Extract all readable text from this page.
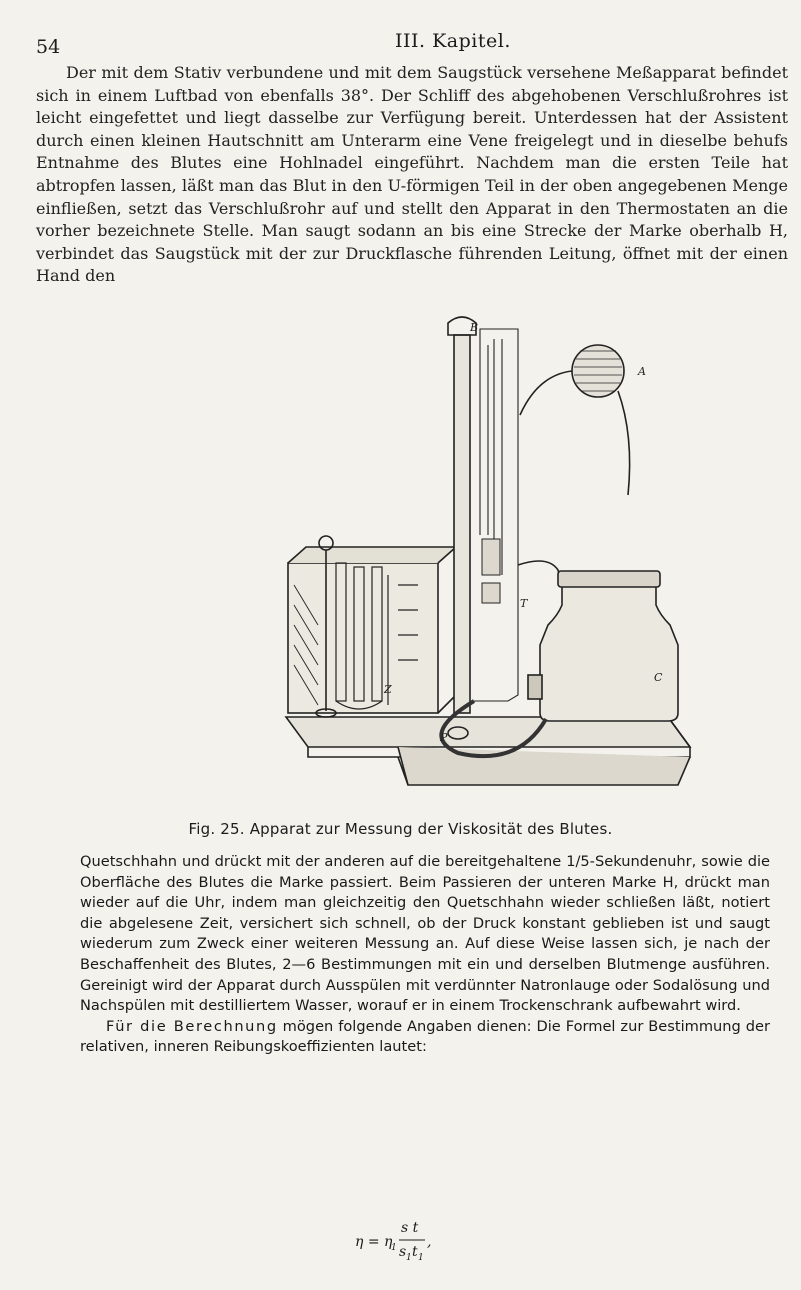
54	III. Kapitel.
Der mit dem Stativ verbundene und mit dem Saugstück versehene Meßapparat befindet sich in einem Luftbad von ebenfalls 38°. Der Schliff des abgehobenen Verschlußrohres ist leicht eingefettet und liegt dasselbe zur Verfügung bereit. Unterdessen hat der Assistent durch einen kleinen Hautschnitt am Unterarm eine Vene freigelegt und in dieselbe behufs Entnahme des Blutes eine Hohlnadel eingeführt. Nachdem man die ersten Teile hat abtropfen lassen, läßt man das Blut in den U-förmigen Teil in der oben angegebenen Menge einfließen, setzt das Verschlußrohr auf und stellt den Apparat in den Thermostaten an die vorher bezeichnete Stelle. Man saugt sodann an bis eine Strecke der Marke oberhalb H, verbindet das Saugstück mit der zur Druckflasche führenden Leitung, öffnet mit der einen Hand den
B
A
T
C
P
Z
Fig. 25. Apparat zur Messung der Viskosität des Blutes.

Quetschhahn und drückt mit der anderen auf die bereitgehaltene 1/5-Sekundenuhr, sowie die Oberfläche des Blutes die Marke passiert. Beim Passieren der unteren Marke H, drückt man wieder auf die Uhr, indem man gleichzeitig den Quetschhahn wieder schließen läßt, notiert die abgelesene Zeit, versichert sich schnell, ob der Druck konstant geblieben ist und saugt wiederum zum Zweck einer weiteren Messung an. Auf diese Weise lassen sich, je nach der Beschaffenheit des Blutes, 2—6 Bestimmungen mit ein und derselben Blutmenge ausführen. Gereinigt wird der Apparat durch Ausspülen mit verdünnter Natronlauge oder Sodalösung und Nachspülen mit destilliertem Wasser, worauf er in einem Trockenschrank aufbewahrt wird.

Für die Berechnung mögen folgende Angaben dienen: Die Formel zur Bestimmung der relativen, inneren Reibungskoeffizienten lautet:

s t
η = η
1 s 1 t 1
,
